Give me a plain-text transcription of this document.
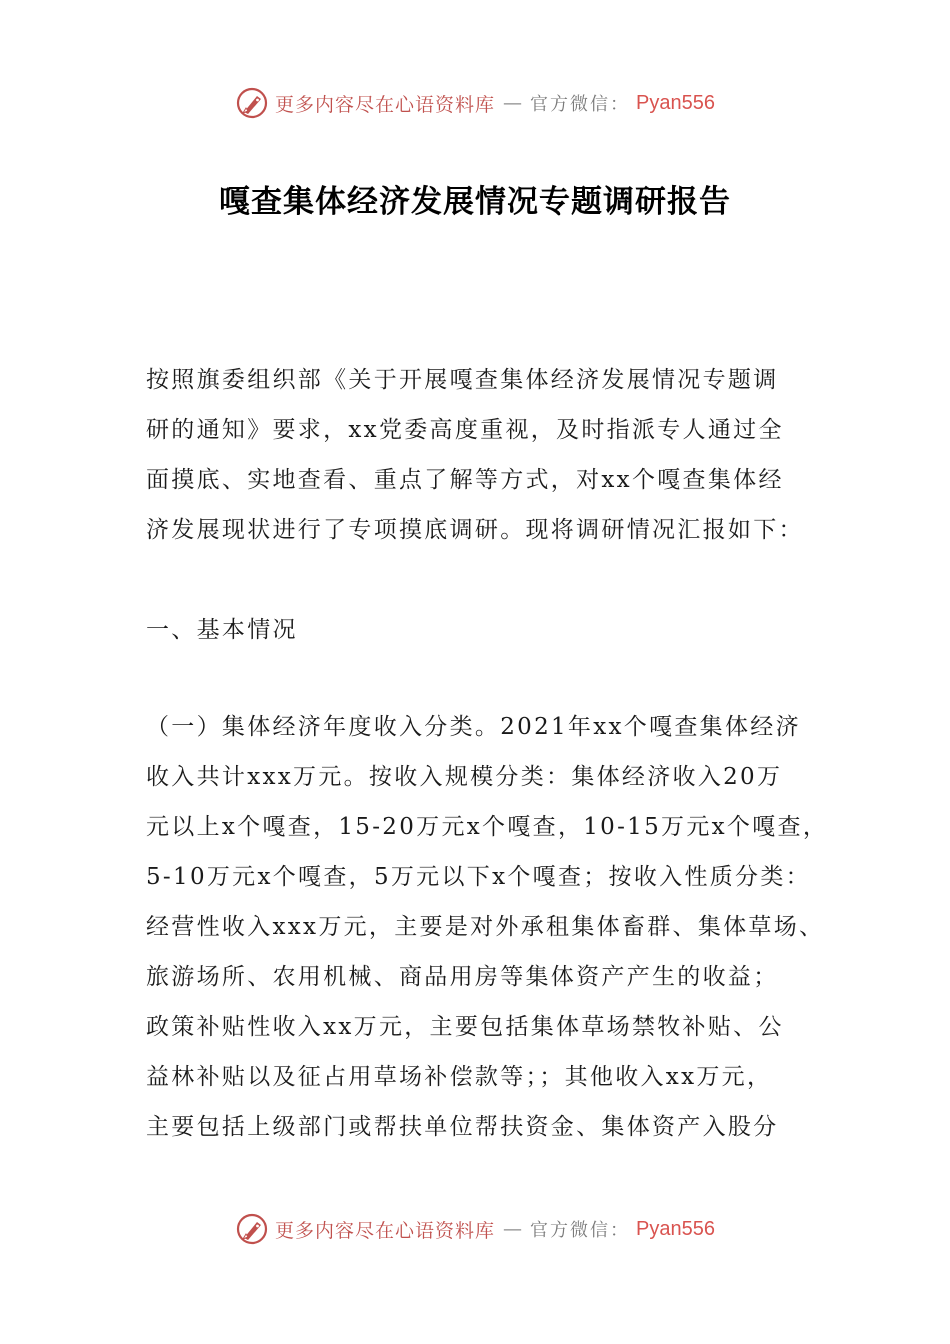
更多内容尽在心语资料库 — 官方微信： Pyan556
嘎查集体经济发展情况专题调研报告
按照旗委组织部《关于开展嘎查集体经济发展情况专题调
研的通知》要求，xx党委高度重视，及时指派专人通过全
面摸底、实地查看、重点了解等方式，对xx个嘎查集体经
济发展现状进行了专项摸底调研。现将调研情况汇报如下：
一、基本情况
（一）集体经济年度收入分类。2021年xx个嘎查集体经济
收入共计xxx万元。按收入规模分类：集体经济收入20万
元以上x个嘎查，15-20万元x个嘎查，10-15万元x个嘎查，
5-10万元x个嘎查，5万元以下x个嘎查；按收入性质分类：
经营性收入xxx万元，主要是对外承租集体畜群、集体草场、
旅游场所、农用机械、商品用房等集体资产产生的收益；
政策补贴性收入xx万元，主要包括集体草场禁牧补贴、公
益林补贴以及征占用草场补偿款等；；其他收入xx万元，
主要包括上级部门或帮扶单位帮扶资金、集体资产入股分
更多内容尽在心语资料库 — 官方微信： Pyan556
